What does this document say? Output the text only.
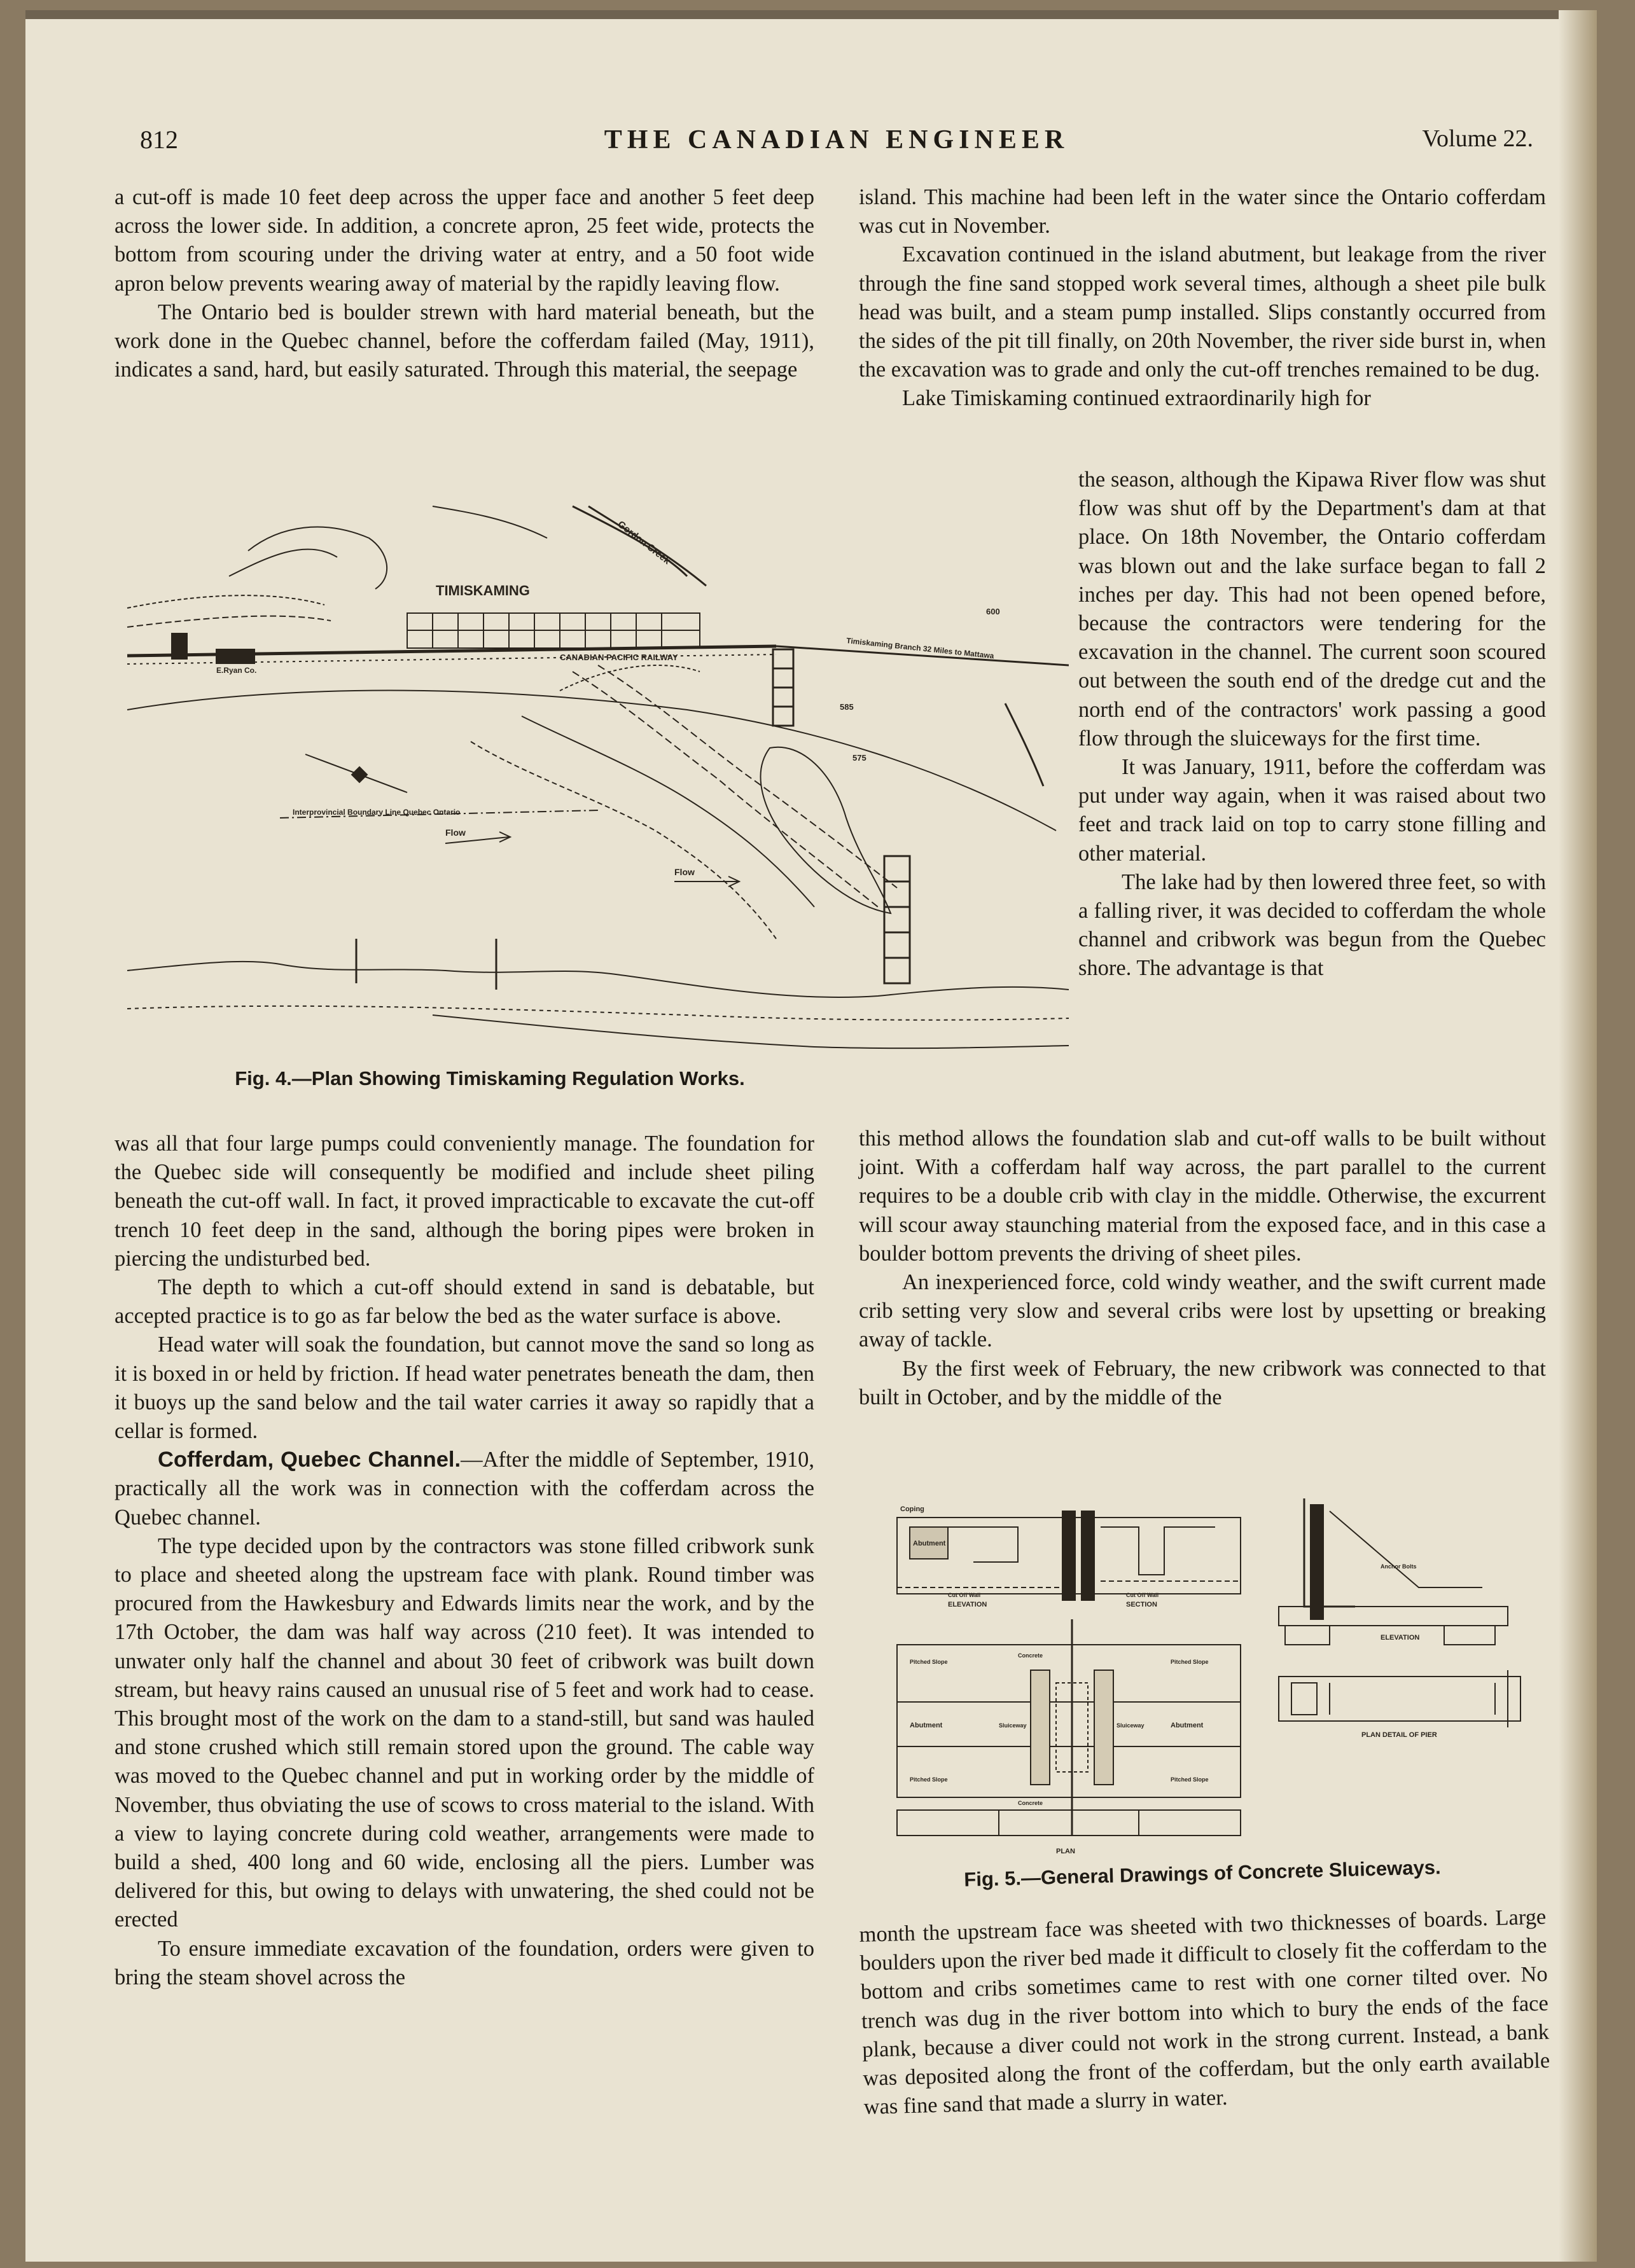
812	THE CANADIAN ENGINEER	Volume 22.

a cut-off is made 10 feet deep across the upper face and another 5 feet deep across the lower side. In addition, a concrete apron, 25 feet wide, protects the bottom from scouring under the driving water at entry, and a 50 foot wide apron below prevents wearing away of material by the rapidly leaving flow.

The Ontario bed is boulder strewn with hard material beneath, but the work done in the Quebec channel, before the cofferdam failed (May, 1911), indicates a sand, hard, but easily saturated. Through this material, the seepage

TIMISKAMING
CANADIAN PACIFIC RAILWAY
Gordon Creek
Timiskaming Branch 32 Miles to Mattawa
Interprovincial Boundary Line Quebec Ontario
Flow
Flow
600
575
585
E.Ryan Co.
Fig. 4.—Plan Showing Timiskaming Regulation Works.

was all that four large pumps could conveniently manage. The foundation for the Quebec side will consequently be modified and include sheet piling beneath the cut-off wall. In fact, it proved impracticable to excavate the cut-off trench 10 feet deep in the sand, although the boring pipes were broken in piercing the undisturbed bed.

The depth to which a cut-off should extend in sand is debatable, but accepted practice is to go as far below the bed as the water surface is above.

Head water will soak the foundation, but cannot move the sand so long as it is boxed in or held by friction. If head water penetrates beneath the dam, then it buoys up the sand below and the tail water carries it away so rapidly that a cellar is formed.

Cofferdam, Quebec Channel.—After the middle of September, 1910, practically all the work was in connection with the cofferdam across the Quebec channel.

The type decided upon by the contractors was stone filled cribwork sunk to place and sheeted along the upstream face with plank. Round timber was procured from the Hawkesbury and Edwards limits near the work, and by the 17th October, the dam was half way across (210 feet). It was intended to unwater only half the channel and about 30 feet of cribwork was built down stream, but heavy rains caused an unusual rise of 5 feet and work had to cease. This brought most of the work on the dam to a stand-still, but sand was hauled and stone crushed which still remain stored upon the ground. The cable way was moved to the Quebec channel and put in working order by the middle of November, thus obviating the use of scows to cross material to the island. With a view to laying concrete during cold weather, arrangements were made to build a shed, 400 long and 60 wide, enclosing all the piers. Lumber was delivered for this, but owing to delays with unwatering, the shed could not be erected

To ensure immediate excavation of the foundation, orders were given to bring the steam shovel across the

island. This machine had been left in the water since the Ontario cofferdam was cut in November.

Excavation continued in the island abutment, but leakage from the river through the fine sand stopped work several times, although a sheet pile bulk head was built, and a steam pump installed. Slips constantly occurred from the sides of the pit till finally, on 20th November, the river side burst in, when the excavation was to grade and only the cut-off trenches remained to be dug.

Lake Timiskaming continued extraordinarily high for

the season, although the Kipawa River flow was shut flow was shut off by the Department's dam at that place. On 18th November, the Ontario cofferdam was blown out and the lake surface began to fall 2 inches per day. This had not been opened before, because the contractors were tendering for the excavation in the channel. The current soon scoured out between the south end of the dredge cut and the north end of the contractors' work passing a good flow through the sluiceways for the first time.

It was January, 1911, before the cofferdam was put under way again, when it was raised about two feet and track laid on top to carry stone filling and other material.

The lake had by then lowered three feet, so with a falling river, it was decided to cofferdam the whole channel and cribwork was begun from the Quebec shore. The advantage is that

this method allows the foundation slab and cut-off walls to be built without joint. With a cofferdam half way across, the part parallel to the current requires to be a double crib with clay in the middle. Otherwise, the excurrent will scour away staunching material from the exposed face, and in this case a boulder bottom prevents the driving of sheet piles.

An inexperienced force, cold windy weather, and the swift current made crib setting very slow and several cribs were lost by upsetting or breaking away of tackle.

By the first week of February, the new cribwork was connected to that built in October, and by the middle of the

Coping
Abutment
ELEVATION	SECTION
Cut Off Wall	Cut Off Wall
Pitched Slope	Pitched Slope
Abutment	Abutment
Pitched Slope	Pitched Slope
Sluiceway	Sluiceway
Concrete
Concrete
PLAN
Anchor Bolts
ELEVATION
PLAN DETAIL OF PIER
Fig. 5.—General Drawings of Concrete Sluiceways.

month the upstream face was sheeted with two thicknesses of boards. Large boulders upon the river bed made it difficult to closely fit the cofferdam to the bottom and cribs sometimes came to rest with one corner tilted over. No trench was dug in the river bottom into which to bury the ends of the face plank, because a diver could not work in the strong current. Instead, a bank was deposited along the front of the cofferdam, but the only earth available was fine sand that made a slurry in water.
